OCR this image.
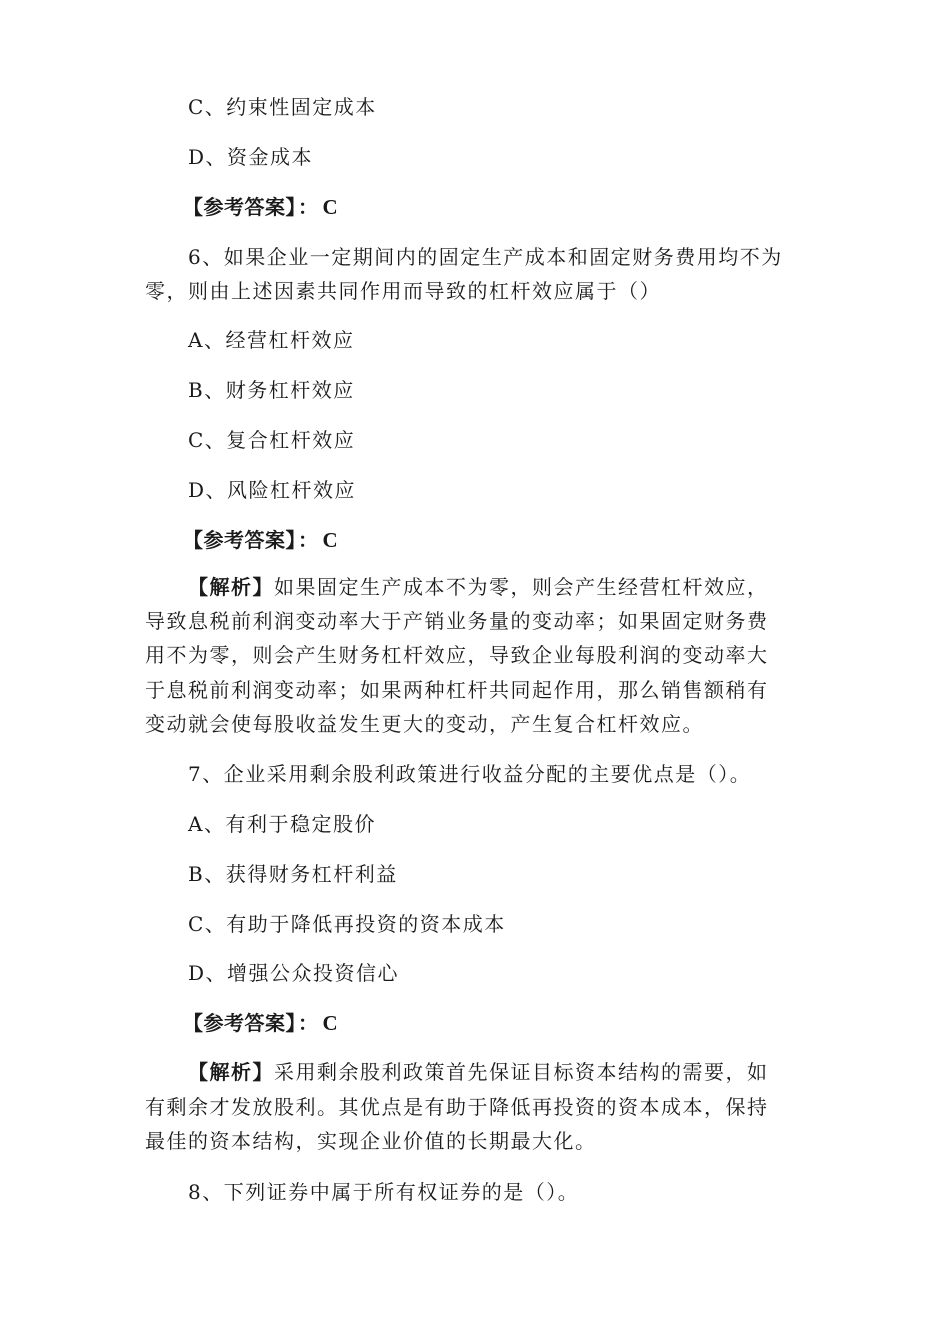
C、约束性固定成本
D、资金成本
【参考答案】 ： C
6、如果企业一定期间内的固定生产成本和固定财务费用均不为
零，则由上述因素共同作用而导致的杠杆效应属于（）
A、经营杠杆效应
B、财务杠杆效应
C、复合杠杆效应
D、风险杠杆效应
【参考答案】 ： C
【解析】如果固定生产成本不为零，则会产生经营杠杆效应，
导致息税前利润变动率大于产销业务量的变动率；如果固定财务费
用不为零，则会产生财务杠杆效应，导致企业每股利润的变动率大
于息税前利润变动率；如果两种杠杆共同起作用，那么销售额稍有
变动就会使每股收益发生更大的变动，产生复合杠杆效应。
7、企业采用剩余股利政策进行收益分配的主要优点是（）。
A、有利于稳定股价
B、获得财务杠杆利益
C、有助于降低再投资的资本成本
D、增强公众投资信心
【参考答案】 ： C
【解析】采用剩余股利政策首先保证目标资本结构的需要，如
有剩余才发放股利。其优点是有助于降低再投资的资本成本，保持
最佳的资本结构，实现企业价值的长期最大化。
8、下列证券中属于所有权证券的是（）。
